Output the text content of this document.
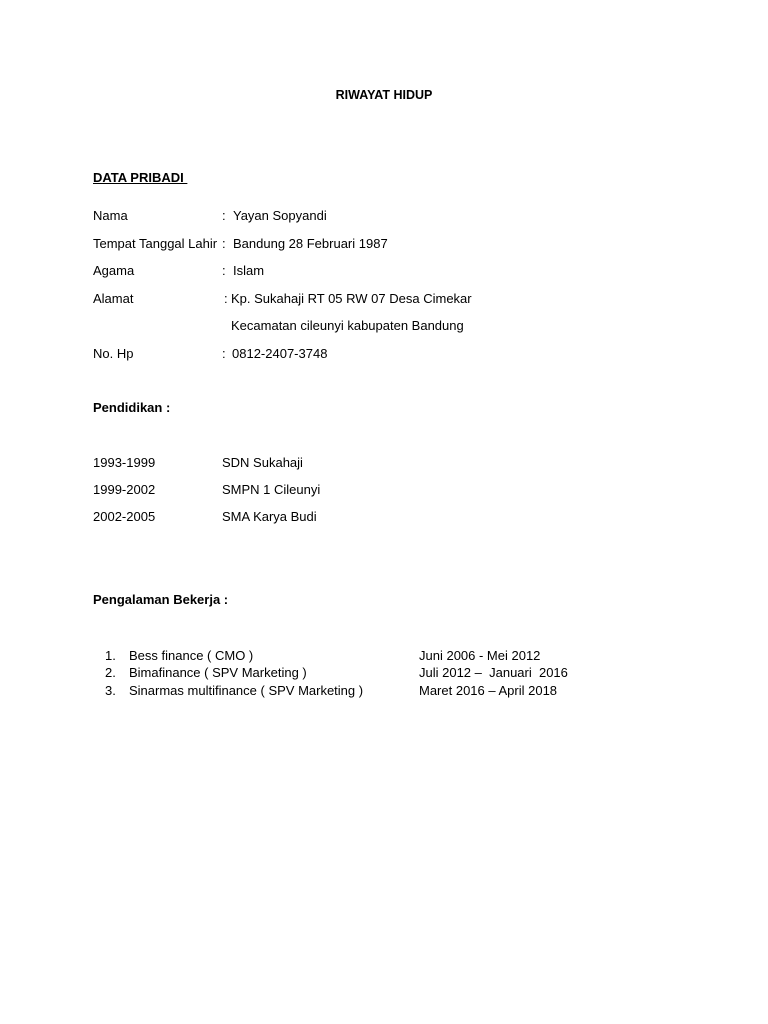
RIWAYAT HIDUP
DATA PRIBADI
Nama	: Yayan Sopyandi
Tempat Tanggal Lahir : Bandung 28 Februari 1987
Agama	: Islam
Alamat	: Kp. Sukahaji RT 05 RW 07 Desa Cimekar
Kecamatan cileunyi kabupaten Bandung
No. Hp	: 0812-2407-3748
Pendidikan :
1993-1999	SDN Sukahaji
1999-2002	SMPN 1 Cileunyi
2002-2005	SMA Karya Budi
Pengalaman Bekerja :
1. Bess finance ( CMO )	Juni 2006 - Mei 2012
2. Bimafinance ( SPV Marketing )	Juli 2012 –  Januari  2016
3. Sinarmas multifinance ( SPV Marketing )	Maret 2016 – April 2018
